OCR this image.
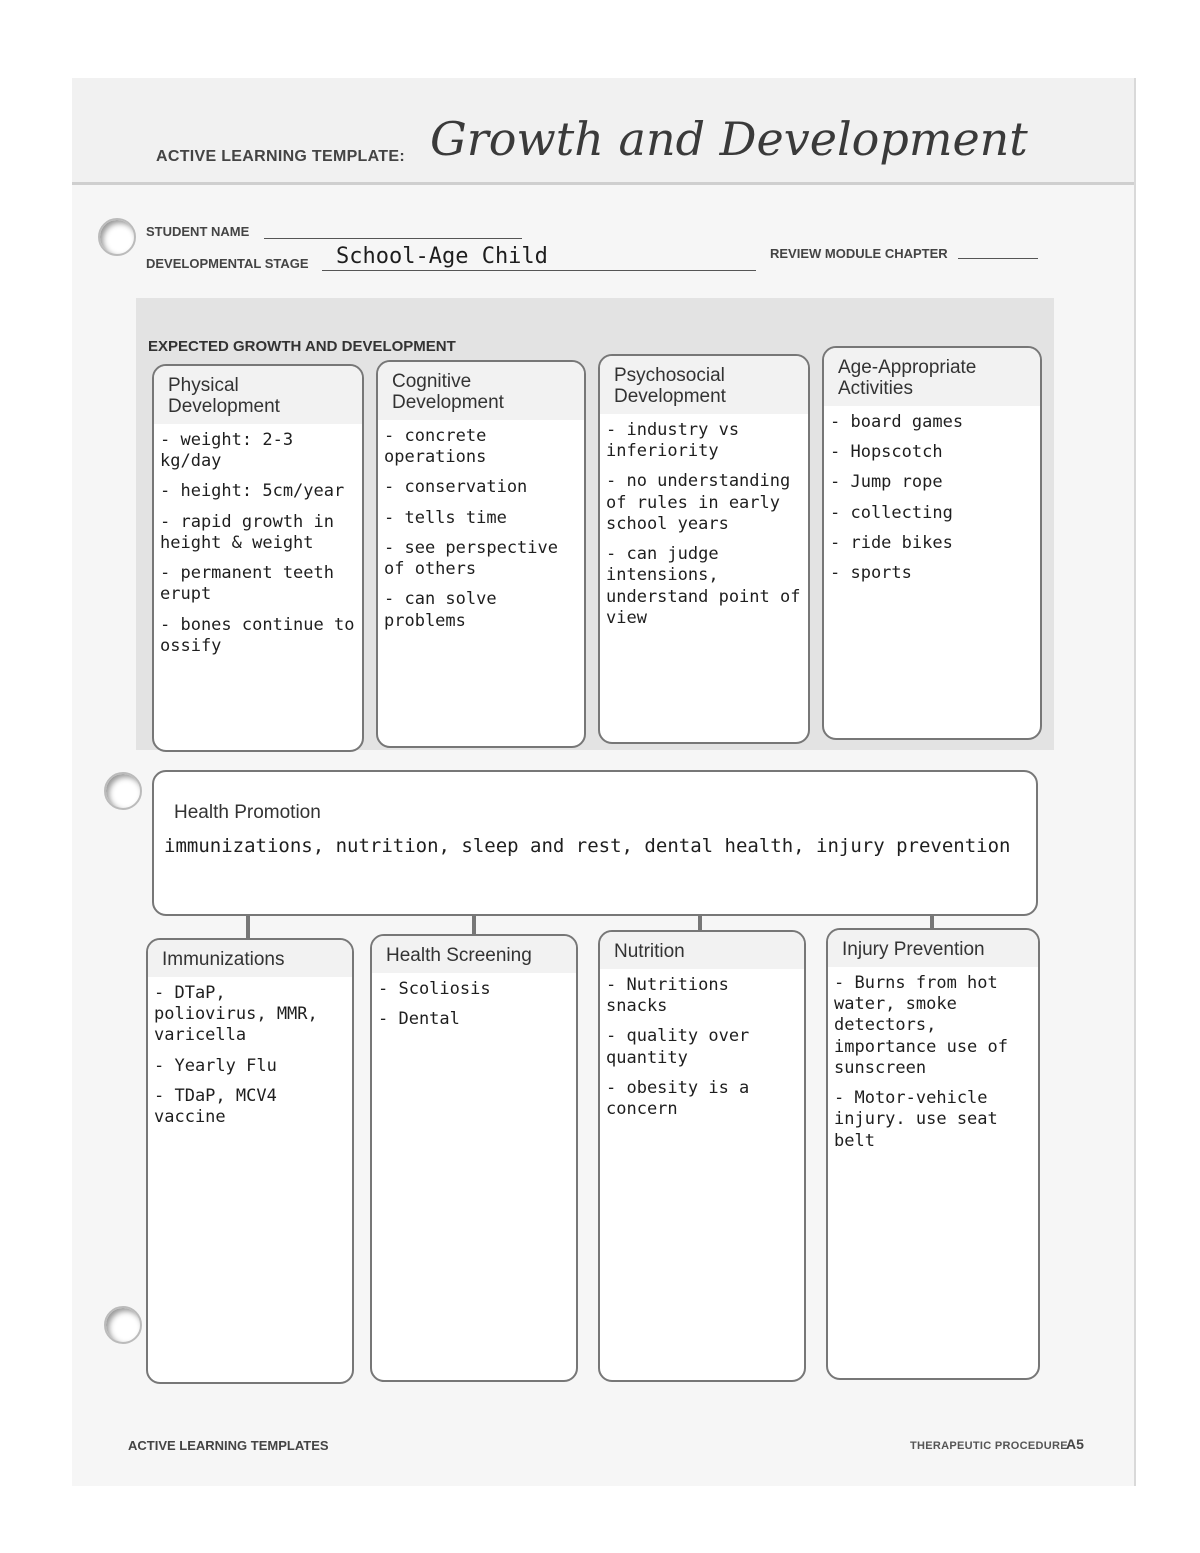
ACTIVE LEARNING TEMPLATE: Growth and Development
STUDENT NAME
DEVELOPMENTAL STAGE School-Age Child	REVIEW MODULE CHAPTER
EXPECTED GROWTH AND DEVELOPMENT
Physical Development
- weight: 2-3 kg/day
- height: 5cm/year
- rapid growth in height & weight
- permanent teeth erupt
- bones continue to ossify
Cognitive Development
- concrete operations
- conservation
- tells time
- see perspective of others
- can solve problems
Psychosocial Development
- industry vs inferiority
- no understanding of rules in early school years
- can judge intensions, understand point of view
Age-Appropriate Activities
- board games
- Hopscotch
- Jump rope
- collecting
- ride bikes
- sports
Health Promotion
immunizations, nutrition, sleep and rest, dental health, injury prevention
Immunizations
- DTaP, poliovirus, MMR, varicella
- Yearly Flu
- TDaP, MCV4 vaccine
Health Screening
- Scoliosis
- Dental
Nutrition
- Nutritions snacks
- quality over quantity
- obesity is a concern
Injury Prevention
- Burns from hot water, smoke detectors, importance use of sunscreen
- Motor-vehicle injury. use seat belt
ACTIVE LEARNING TEMPLATES	THERAPEUTIC PROCEDURE
A5
